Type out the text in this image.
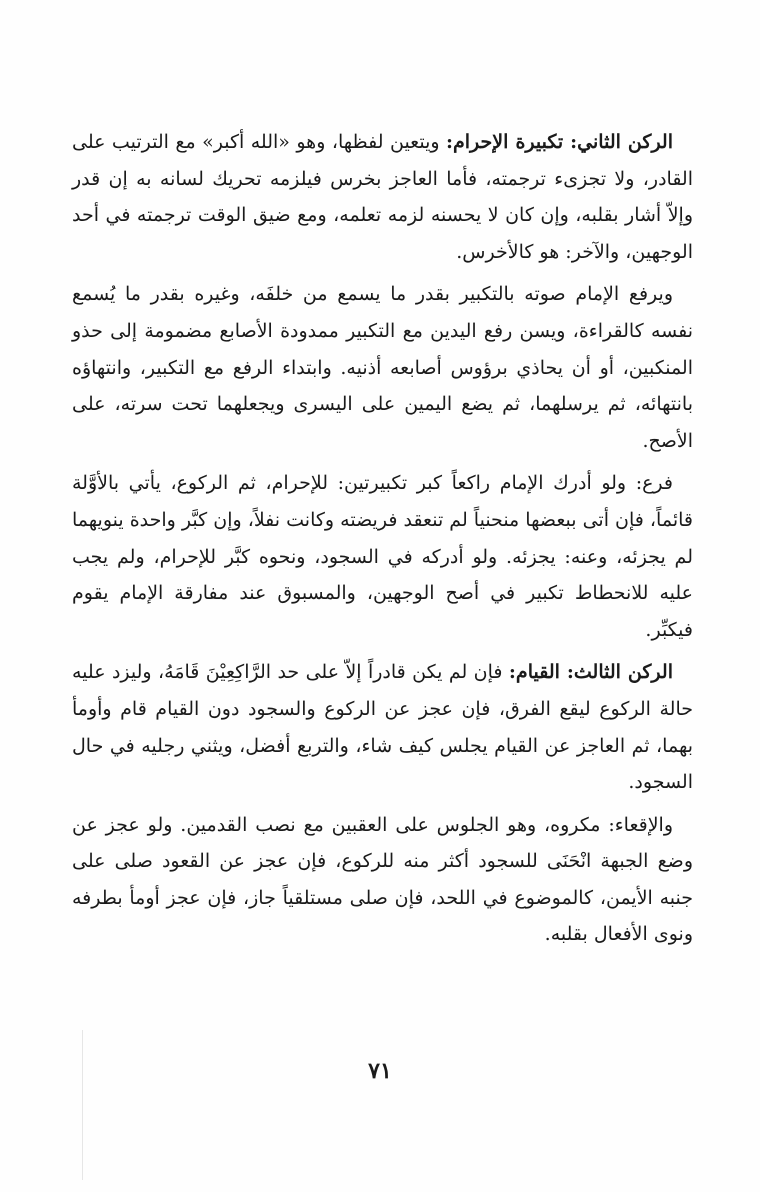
الركن الثاني: تكبيرة الإحرام: ويتعين لفظها، وهو «الله أكبر» مع الترتيب على القادر، ولا تجزىء ترجمته، فأما العاجز بخرس فيلزمه تحريك لسانه به إن قدر وإلاّ أشار بقلبه، وإن كان لا يحسنه لزمه تعلمه، ومع ضيق الوقت ترجمته في أحد الوجهين، والآخر: هو كالأخرس.

ويرفع الإمام صوته بالتكبير بقدر ما يسمع من خلفَه، وغيره بقدر ما يُسمع نفسه كالقراءة، ويسن رفع اليدين مع التكبير ممدودة الأصابع مضمومة إلى حذو المنكبين، أو أن يحاذي برؤوس أصابعه أذنيه. وابتداء الرفع مع التكبير، وانتهاؤه بانتهائه، ثم يرسلهما، ثم يضع اليمين على اليسرى ويجعلهما تحت سرته، على الأصح.

فرع: ولو أدرك الإمام راكعاً كبر تكبيرتين: للإحرام، ثم الركوع، يأتي بالأوَّلة قائماً، فإن أتى ببعضها منحنياً لم تنعقد فريضته وكانت نفلاً، وإن كبَّر واحدة ينويهما لم يجزئه، وعنه: يجزئه. ولو أدركه في السجود، ونحوه كبَّر للإحرام، ولم يجب عليه للانحطاط تكبير في أصح الوجهين، والمسبوق عند مفارقة الإمام يقوم فيكبِّر.

الركن الثالث: القيام: فإن لم يكن قادراً إلاّ على حد الرَّاكِعِيْنَ قَامَهُ، وليزد عليه حالة الركوع ليقع الفرق، فإن عجز عن الركوع والسجود دون القيام قام وأومأ بهما، ثم العاجز عن القيام يجلس كيف شاء، والتربع أفضل، ويثني رجليه في حال السجود.

والإقعاء: مكروه، وهو الجلوس على العقبين مع نصب القدمين. ولو عجز عن وضع الجبهة انْحَنَى للسجود أكثر منه للركوع، فإن عجز عن القعود صلى على جنبه الأيمن، كالموضوع في اللحد، فإن صلى مستلقياً جاز، فإن عجز أومأ بطرفه ونوى الأفعال بقلبه.

٧١
